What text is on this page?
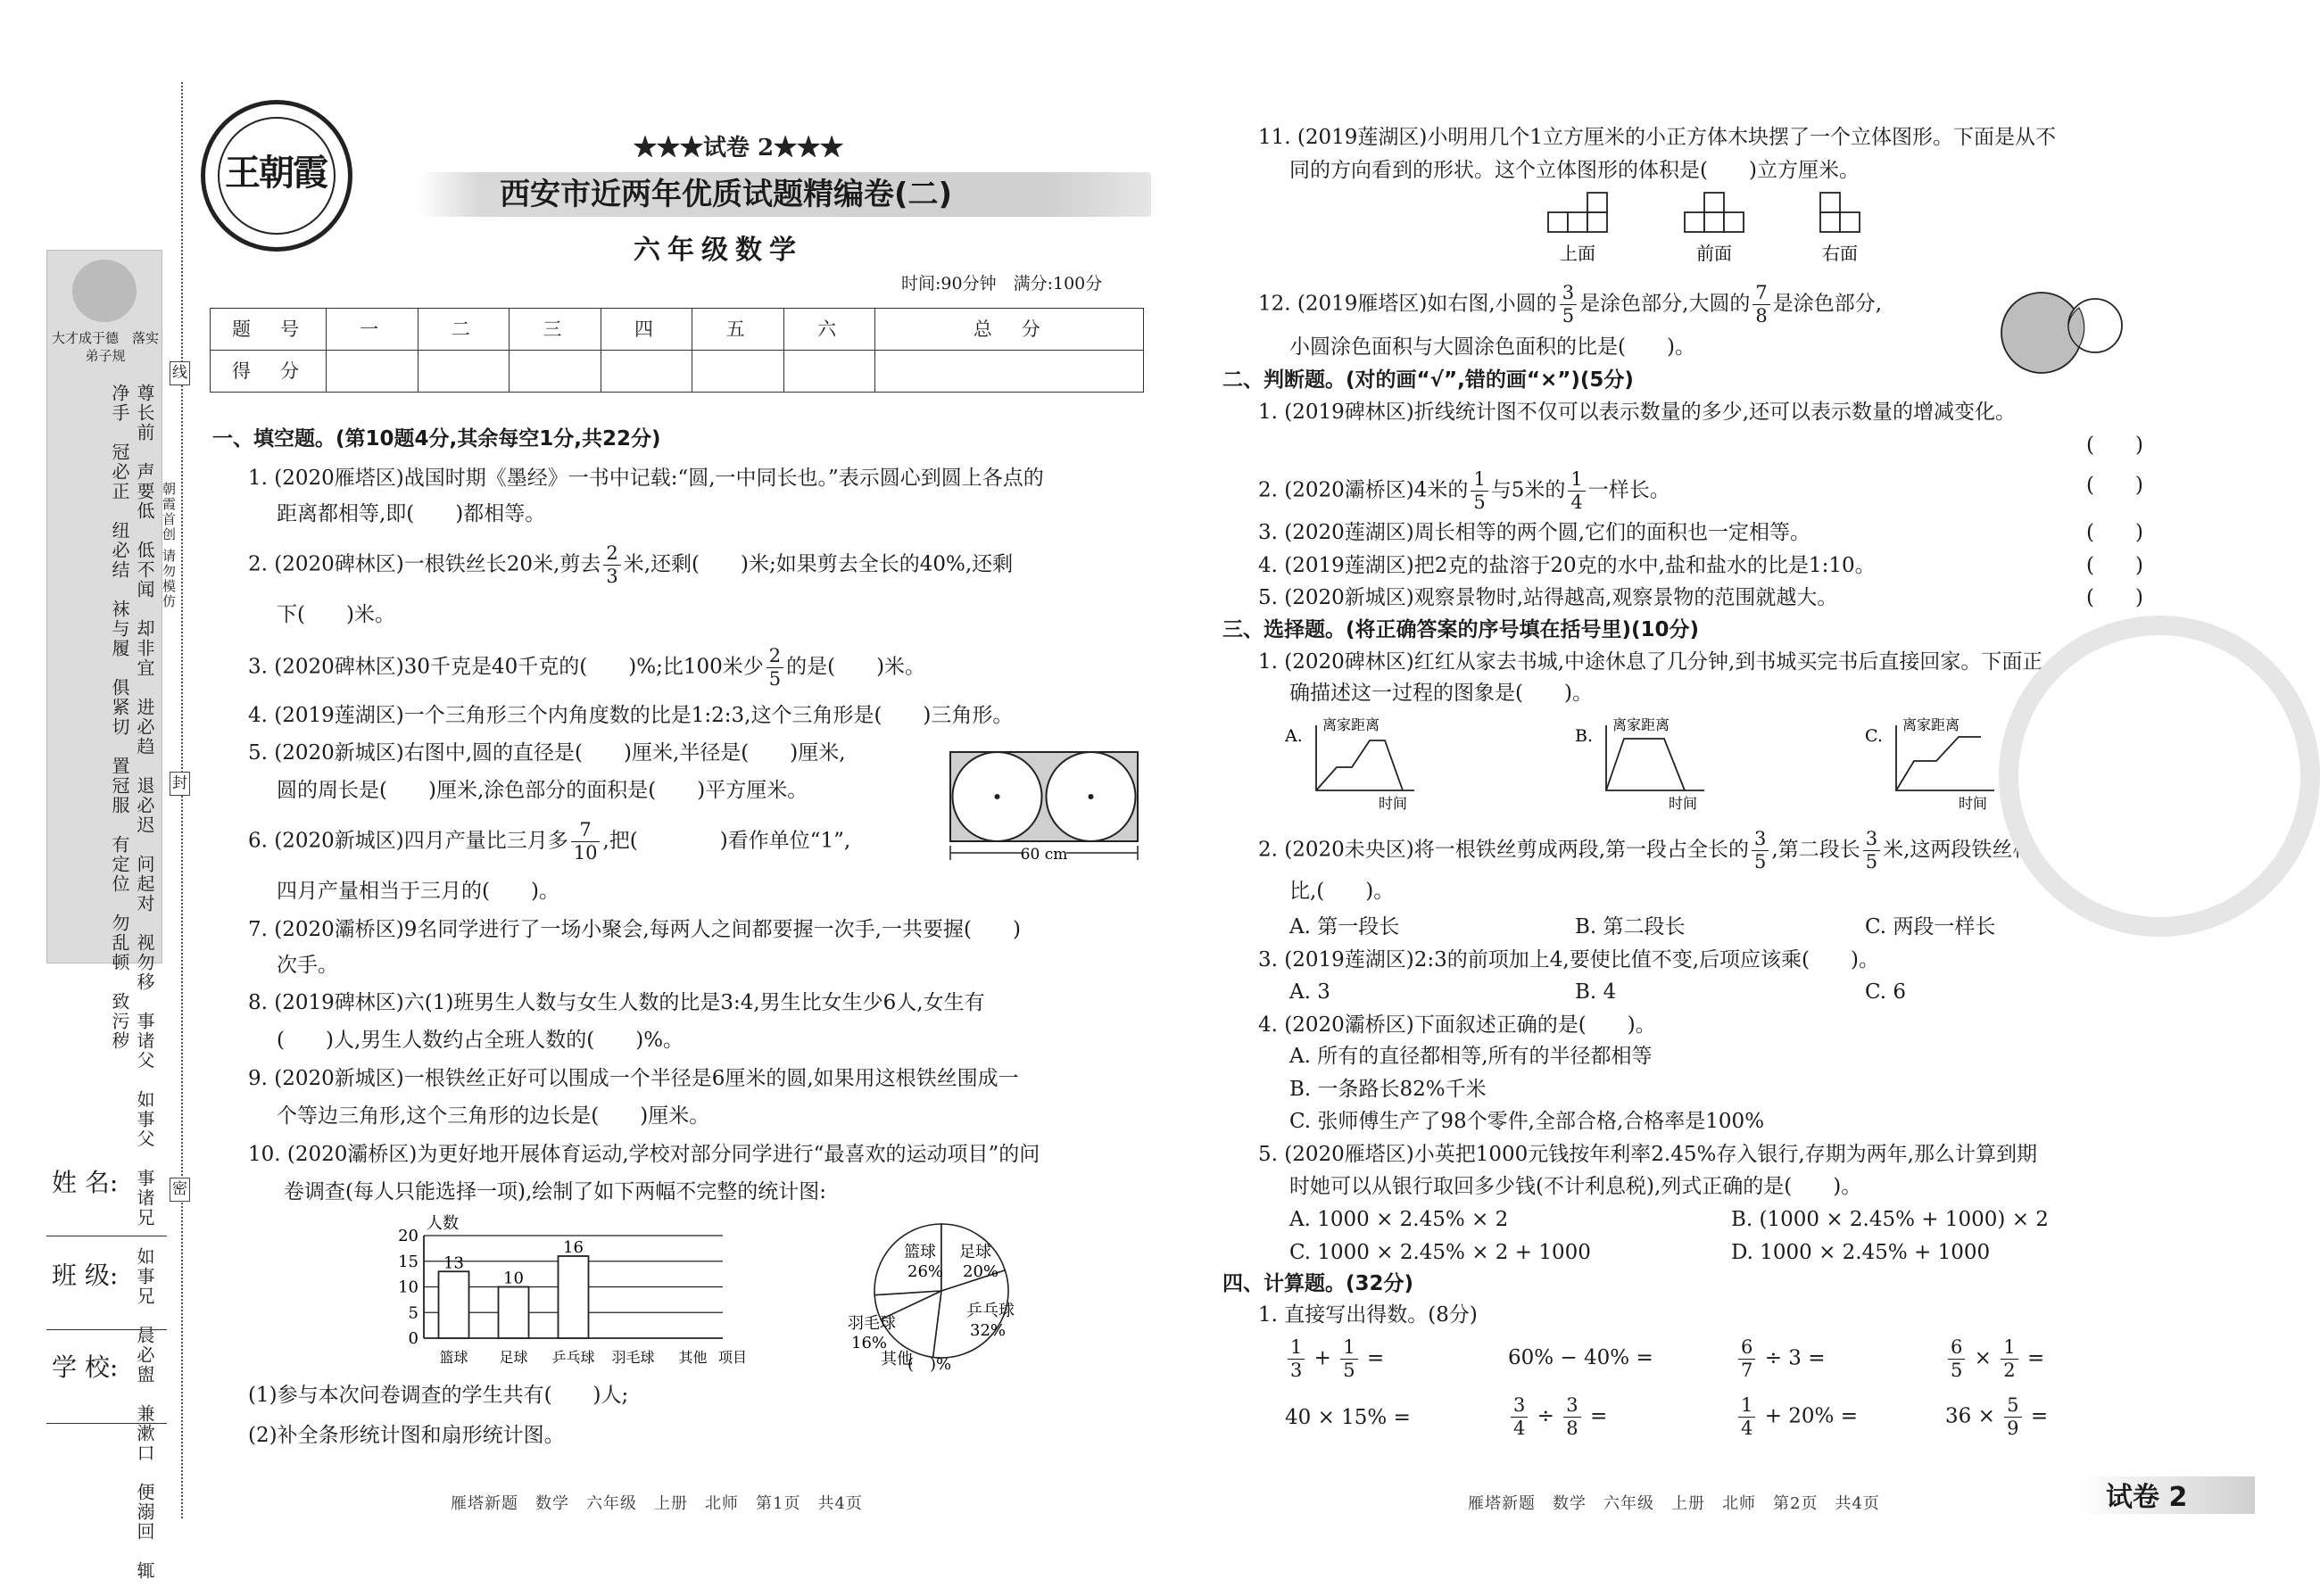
大才成于德　落实弟子规
尊长前　声要低　低不闻　却非宜　进必趋　退必迟　问起对　视勿移　事诸父　如事父　事诸兄　如事兄　晨必盥　兼漱口　便溺回　辄净手　冠必正　纽必结　袜与履　俱紧切　置冠服　有定位　勿乱顿　致污秽
线
封
密
朝霞首创 请勿模仿
姓 名:
班 级:
学 校:
王朝霞
★★★试卷 2★★★
西安市近两年优质试题精编卷(二)
六年级数学
时间:90分钟　满分:100分
题　号	一	二	三	四	五	六	总　分
得　分							
一、填空题。(第10题4分,其余每空1分,共22分)
1. (2020雁塔区)战国时期《墨经》一书中记载:“圆,一中同长也。”表示圆心到圆上各点的
距离都相等,即(　　)都相等。
2. (2020碑林区)一根铁丝长20米,剪去 $\frac{2}{3}$ 米,还剩(　　)米;如果剪去全长的40%,还剩
下(　　)米。
3. (2020碑林区)30千克是40千克的(　　)%;比100米少 $\frac{2}{5}$ 的是(　　)米。
4. (2019莲湖区)一个三角形三个内角度数的比是1:2:3,这个三角形是(　　)三角形。
5. (2020新城区)右图中,圆的直径是(　　)厘米,半径是(　　)厘米,
圆的周长是(　　)厘米,涂色部分的面积是(　　)平方厘米。
60 cm
6. (2020新城区)四月产量比三月多 $\frac{7}{10}$ ,把(　　　　)看作单位“1”,
四月产量相当于三月的(　　)。
7. (2020灞桥区)9名同学进行了一场小聚会,每两人之间都要握一次手,一共要握(　　)
次手。
8. (2019碑林区)六(1)班男生人数与女生人数的比是3:4,男生比女生少6人,女生有
(　　)人,男生人数约占全班人数的(　　)%。
9. (2020新城区)一根铁丝正好可以围成一个半径是6厘米的圆,如果用这根铁丝围成一
个等边三角形,这个三角形的边长是(　　)厘米。
10. (2020灞桥区)为更好地开展体育运动,学校对部分同学进行“最喜欢的运动项目”的问
卷调查(每人只能选择一项),绘制了如下两幅不完整的统计图:
人数
13
10
16
0
5
10
15
20
篮球 足球 乒乓球 羽毛球 其他 项目
篮球
26%
足球
20%
乒乓球
32%
羽毛球
16%
其他
(　)%
(1)参与本次问卷调查的学生共有(　　)人;
(2)补全条形统计图和扇形统计图。
雁塔新题　数学　六年级　上册　北师　第1页　共4页
11. (2019莲湖区)小明用几个1立方厘米的小正方体木块摆了一个立体图形。下面是从不
同的方向看到的形状。这个立体图形的体积是(　　)立方厘米。
上面	前面	右面
12. (2019雁塔区)如右图,小圆的 $\frac{3}{5}$ 是涂色部分,大圆的 $\frac{7}{8}$ 是涂色部分,
小圆涂色面积与大圆涂色面积的比是(　　)。
二、判断题。(对的画“√”,错的画“×”)(5分)
1. (2019碑林区)折线统计图不仅可以表示数量的多少,还可以表示数量的增减变化。
(　　)
2. (2020灞桥区)4米的 $\frac{1}{5}$ 与5米的 $\frac{1}{4}$ 一样长。
(　　)
3. (2020莲湖区)周长相等的两个圆,它们的面积也一定相等。	(　　)
4. (2019莲湖区)把2克的盐溶于20克的水中,盐和盐水的比是1:10。	(　　)
5. (2020新城区)观察景物时,站得越高,观察景物的范围就越大。	(　　)
三、选择题。(将正确答案的序号填在括号里)(10分)
1. (2020碑林区)红红从家去书城,中途休息了几分钟,到书城买完书后直接回家。下面正
确描述这一过程的图象是(　　)。
A.	B.	C.
离家距离	离家距离	离家距离
时间	时间	时间
2. (2020未央区)将一根铁丝剪成两段,第一段占全长的 $\frac{3}{5}$ ,第二段长 $\frac{3}{5}$ 米,这两段铁丝相
比,(　　)。
A. 第一段长	B. 第二段长	C. 两段一样长
3. (2019莲湖区)2:3的前项加上4,要使比值不变,后项应该乘(　　)。
A. 3	B. 4	C. 6
4. (2020灞桥区)下面叙述正确的是(　　)。
A. 所有的直径都相等,所有的半径都相等
B. 一条路长82%千米
C. 张师傅生产了98个零件,全部合格,合格率是100%
5. (2020雁塔区)小英把1000元钱按年利率2.45%存入银行,存期为两年,那么计算到期
时她可以从银行取回多少钱(不计利息税),列式正确的是(　　)。
A. 1000 × 2.45% × 2	B. (1000 × 2.45% + 1000) × 2
C. 1000 × 2.45% × 2 + 1000	D. 1000 × 2.45% + 1000
四、计算题。(32分)
1. 直接写出得数。(8分)
$\frac{1}{3} + \frac{1}{5}$ =	60% − 40% =	$\frac{6}{7} \div 3$ =	$\frac{6}{5} \times \frac{1}{2}$ =
40 × 15% =	$\frac{3}{4} \div \frac{3}{8}$ =	$\frac{1}{4} + 20\%$ =	$36 \times \frac{5}{9}$ =
雁塔新题　数学　六年级　上册　北师　第2页　共4页	试卷 2
